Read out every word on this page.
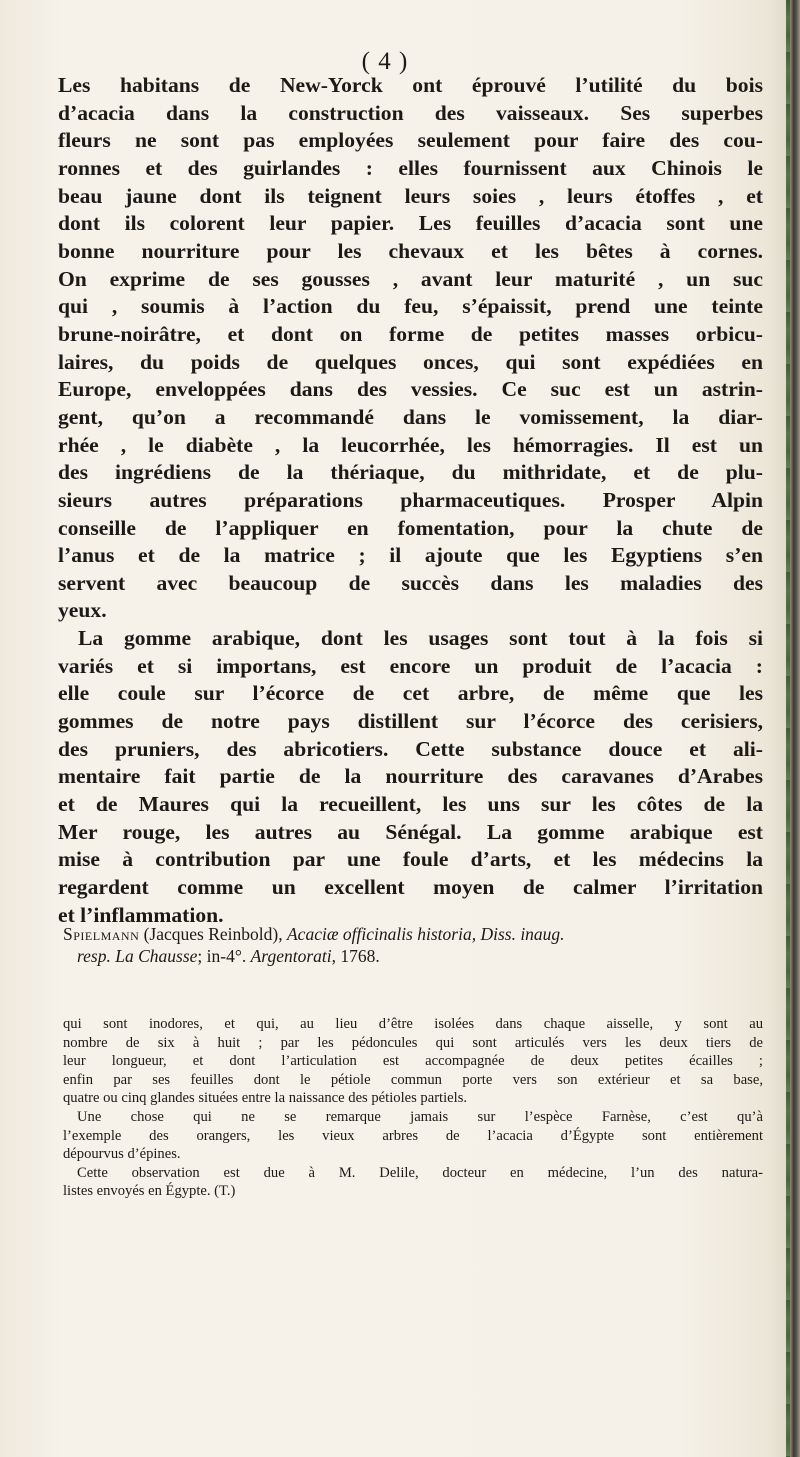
( 4 )

Les habitans de New-Yorck ont éprouvé l’utilité du bois

d’acacia dans la construction des vaisseaux. Ses superbes

fleurs ne sont pas employées seulement pour faire des cou-

ronnes et des guirlandes : elles fournissent aux Chinois le

beau jaune dont ils teignent leurs soies , leurs étoffes , et

dont ils colorent leur papier. Les feuilles d’acacia sont une

bonne nourriture pour les chevaux et les bêtes à cornes.

On exprime de ses gousses , avant leur maturité , un suc

qui , soumis à l’action du feu, s’épaissit, prend une teinte

brune-noirâtre, et dont on forme de petites masses orbicu-

laires, du poids de quelques onces, qui sont expédiées en

Europe, enveloppées dans des vessies. Ce suc est un astrin-

gent, qu’on a recommandé dans le vomissement, la diar-

rhée , le diabète , la leucorrhée, les hémorragies. Il est un

des ingrédiens de la thériaque, du mithridate, et de plu-

sieurs autres préparations pharmaceutiques. Prosper Alpin

conseille de l’appliquer en fomentation, pour la chute de

l’anus et de la matrice ; il ajoute que les Egyptiens s’en

servent avec beaucoup de succès dans les maladies des

yeux.

La gomme arabique, dont les usages sont tout à la fois si

variés et si importans, est encore un produit de l’acacia :

elle coule sur l’écorce de cet arbre, de même que les

gommes de notre pays distillent sur l’écorce des cerisiers,

des pruniers, des abricotiers. Cette substance douce et ali-

mentaire fait partie de la nourriture des caravanes d’Arabes

et de Maures qui la recueillent, les uns sur les côtes de la

Mer rouge, les autres au Sénégal. La gomme arabique est

mise à contribution par une foule d’arts, et les médecins la

regardent comme un excellent moyen de calmer l’irritation

et l’inflammation.

Spielmann (Jacques Reinbold), Acaciæ officinalis historia, Diss. inaug.
resp. La Chausse; in-4°. Argentorati, 1768.

qui sont inodores, et qui, au lieu d’être isolées dans chaque aisselle, y sont au

nombre de six à huit ; par les pédoncules qui sont articulés vers les deux tiers de

leur longueur, et dont l’articulation est accompagnée de deux petites écailles ;

enfin par ses feuilles dont le pétiole commun porte vers son extérieur et sa base,

quatre ou cinq glandes situées entre la naissance des pétioles partiels.

Une chose qui ne se remarque jamais sur l’espèce Farnèse, c’est qu’à

l’exemple des orangers, les vieux arbres de l’acacia d’Égypte sont entièrement

dépourvus d’épines.

Cette observation est due à M. Delile, docteur en médecine, l’un des natura-

listes envoyés en Égypte. (T.)
